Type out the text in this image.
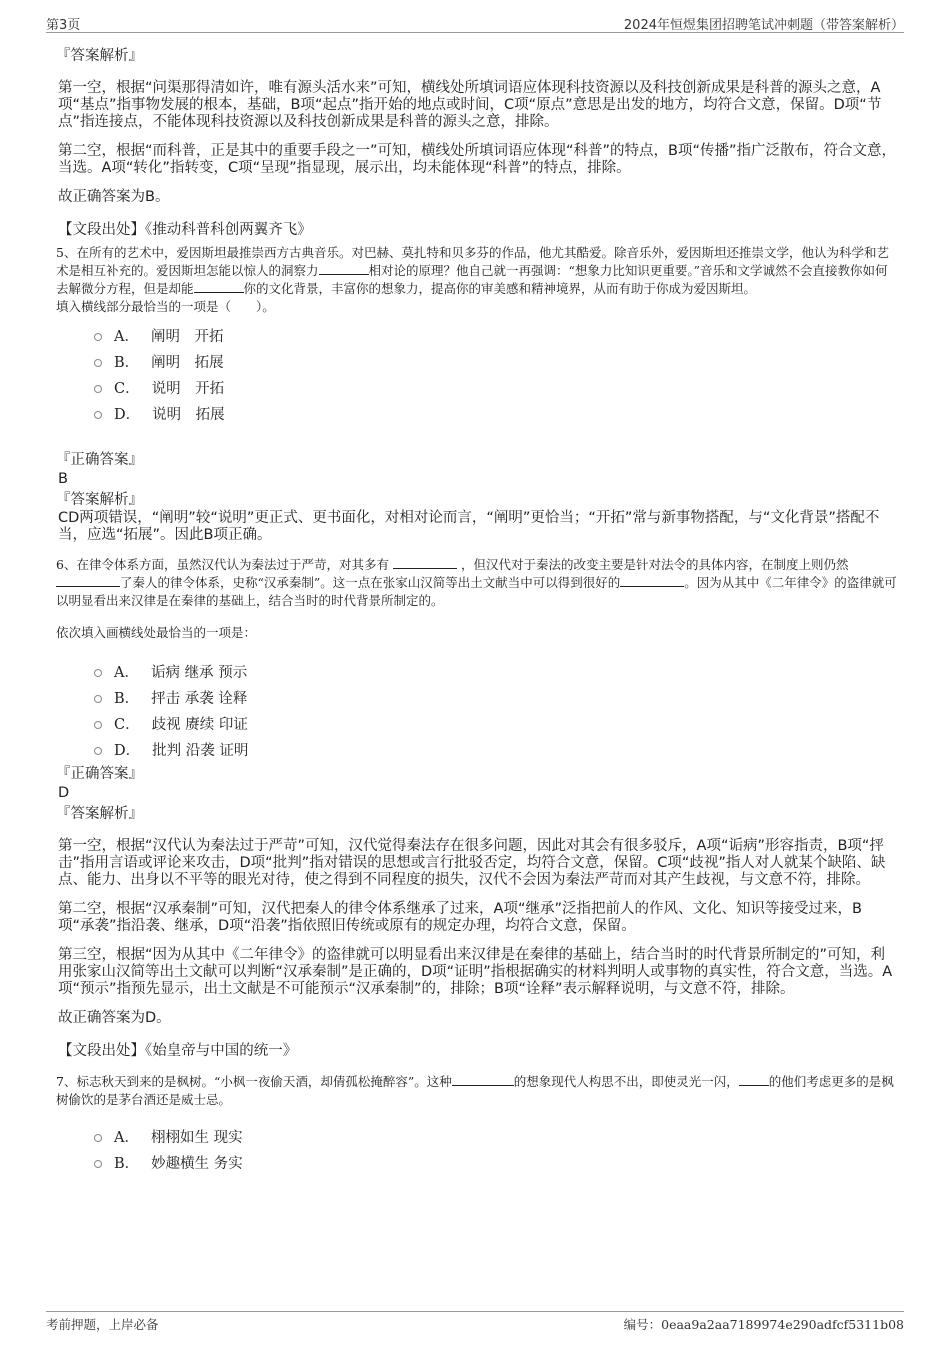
第3页	2024年恒煜集团招聘笔试冲刺题（带答案解析）
『答案解析』

第一空，根据“问渠那得清如许，唯有源头活水来”可知，横线处所填词语应体现科技资源以及科技创新成果是科普的源头之意，A项“基点”指事物发展的根本，基础，B项“起点”指开始的地点或时间，C项“原点”意思是出发的地方，均符合文意，保留。D项“节点”指连接点，不能体现科技资源以及科技创新成果是科普的源头之意，排除。

第二空，根据“而科普，正是其中的重要手段之一”可知，横线处所填词语应体现“科普”的特点，B项“传播”指广泛散布，符合文意，当选。A项“转化”指转变，C项“呈现”指显现，展示出，均未能体现“科普”的特点，排除。

故正确答案为B。

【文段出处】《推动科普科创两翼齐飞》
5、在所有的艺术中，爱因斯坦最推崇西方古典音乐。对巴赫、莫扎特和贝多芬的作品，他尤其酷爱。除音乐外，爱因斯坦还推崇文学，他认为科学和艺术是相互补充的。爱因斯坦怎能以惊人的洞察力	相对论的原理？他自己就一再强调：“想象力比知识更重要。”音乐和文学诚然不会直接教你如何去解微分方程，但是却能	你的文化背景，丰富你的想象力，提高你的审美感和精神境界，从而有助于你成为爱因斯坦。
填入横线部分最恰当的一项是（　　）。
A． 阐明　开拓
B． 阐明　拓展
C． 说明　开拓
D． 说明　拓展
『正确答案』
B
『答案解析』

CD两项错误，“阐明”较“说明”更正式、更书面化，对相对论而言，“阐明”更恰当；“开拓”常与新事物搭配，与“文化背景”搭配不当，应选“拓展”。因此B项正确。

6、在律令体系方面，虽然汉代认为秦法过于严苛，对其多有	，但汉代对于秦法的改变主要是针对法令的具体内容，在制度上则仍然了秦人的律令体系，史称“汉承秦制”。这一点在张家山汉简等出土文献当中可以得到很好的	。因为从其中《二年律令》的盗律就可以明显看出来汉律是在秦律的基础上，结合当时的时代背景所制定的。
依次填入画横线处最恰当的一项是：
A． 诟病 继承 预示
B． 抨击 承袭 诠释
C． 歧视 赓续 印证
D． 批判 沿袭 证明
『正确答案』
D
『答案解析』

第一空，根据“汉代认为秦法过于严苛”可知，汉代觉得秦法存在很多问题，因此对其会有很多驳斥，A项“诟病”形容指责，B项“抨击”指用言语或评论来攻击，D项“批判”指对错误的思想或言行批驳否定，均符合文意，保留。C项“歧视”指人对人就某个缺陷、缺点、能力、出身以不平等的眼光对待，使之得到不同程度的损失，汉代不会因为秦法严苛而对其产生歧视，与文意不符，排除。

第二空，根据“汉承秦制”可知，汉代把秦人的律令体系继承了过来，A项“继承”泛指把前人的作风、文化、知识等接受过来，B项“承袭”指沿袭、继承，D项“沿袭”指依照旧传统或原有的规定办理，均符合文意，保留。

第三空，根据“因为从其中《二年律令》的盗律就可以明显看出来汉律是在秦律的基础上，结合当时的时代背景所制定的”可知，利用张家山汉简等出土文献可以判断“汉承秦制”是正确的，D项“证明”指根据确实的材料判明人或事物的真实性，符合文意，当选。A项“预示”指预先显示，出土文献是不可能预示“汉承秦制”的，排除；B项“诠释”表示解释说明，与文意不符，排除。

故正确答案为D。

【文段出处】《始皇帝与中国的统一》
7、标志秋天到来的是枫树。“小枫一夜偷天酒，却倩孤松掩醉容”。这种	的想象现代人构思不出，即使灵光一闪， 的他们考虑更多的是枫树偷饮的是茅台酒还是威士忌。
A． 栩栩如生 现实
B． 妙趣横生 务实
考前押题，上岸必备	编号：0eaa9a2aa7189974e290adfcf5311b08
